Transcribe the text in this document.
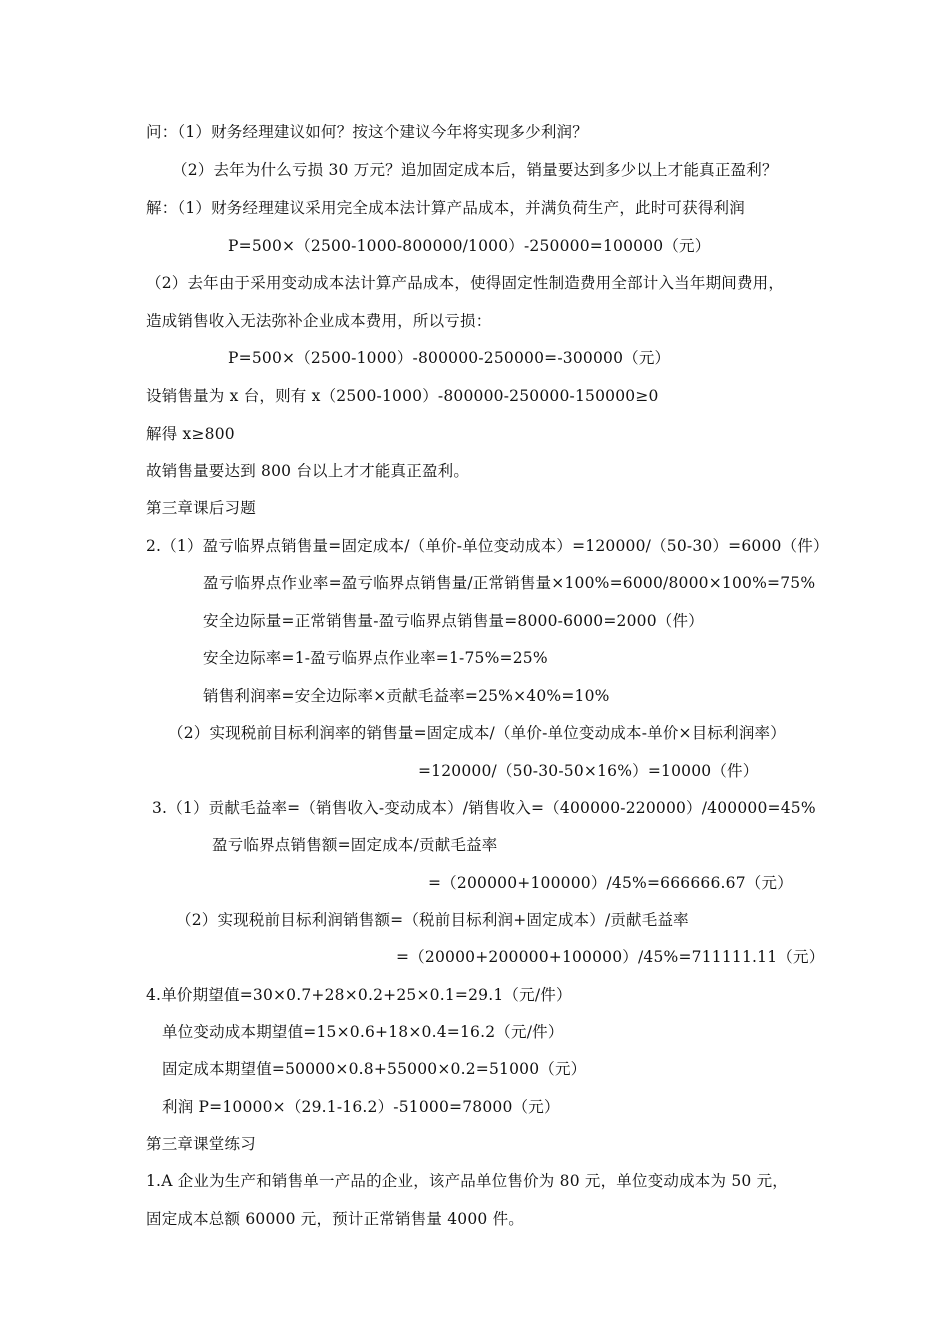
问：（1）财务经理建议如何？按这个建议今年将实现多少利润？
（2）去年为什么亏损 30 万元？追加固定成本后，销量要达到多少以上才能真正盈利？
解：（1）财务经理建议采用完全成本法计算产品成本，并满负荷生产，此时可获得利润
P=500×（2500-1000-800000/1000）-250000=100000（元）
（2）去年由于采用变动成本法计算产品成本，使得固定性制造费用全部计入当年期间费用，
造成销售收入无法弥补企业成本费用，所以亏损：
P=500×（2500-1000）-800000-250000=-300000（元）
设销售量为 x 台，则有 x（2500-1000）-800000-250000-150000≥0
解得 x≥800
故销售量要达到 800 台以上才才能真正盈利。
第三章课后习题
2.（1）盈亏临界点销售量=固定成本/（单价-单位变动成本）=120000/（50-30）=6000（件）
盈亏临界点作业率=盈亏临界点销售量/正常销售量×100%=6000/8000×100%=75%
安全边际量=正常销售量-盈亏临界点销售量=8000-6000=2000（件）
安全边际率=1-盈亏临界点作业率=1-75%=25%
销售利润率=安全边际率×贡献毛益率=25%×40%=10%
（2）实现税前目标利润率的销售量=固定成本/（单价-单位变动成本-单价×目标利润率）
=120000/（50-30-50×16%）=10000（件）
3.（1）贡献毛益率=（销售收入-变动成本）/销售收入=（400000-220000）/400000=45%
盈亏临界点销售额=固定成本/贡献毛益率
=（200000+100000）/45%=666666.67（元）
（2）实现税前目标利润销售额=（税前目标利润+固定成本）/贡献毛益率
=（20000+200000+100000）/45%=711111.11（元）
4.单价期望值=30×0.7+28×0.2+25×0.1=29.1（元/件）
单位变动成本期望值=15×0.6+18×0.4=16.2（元/件）
固定成本期望值=50000×0.8+55000×0.2=51000（元）
利润 P=10000×（29.1-16.2）-51000=78000（元）
第三章课堂练习
1.A 企业为生产和销售单一产品的企业，该产品单位售价为 80 元，单位变动成本为 50 元，
固定成本总额 60000 元，预计正常销售量 4000 件。
